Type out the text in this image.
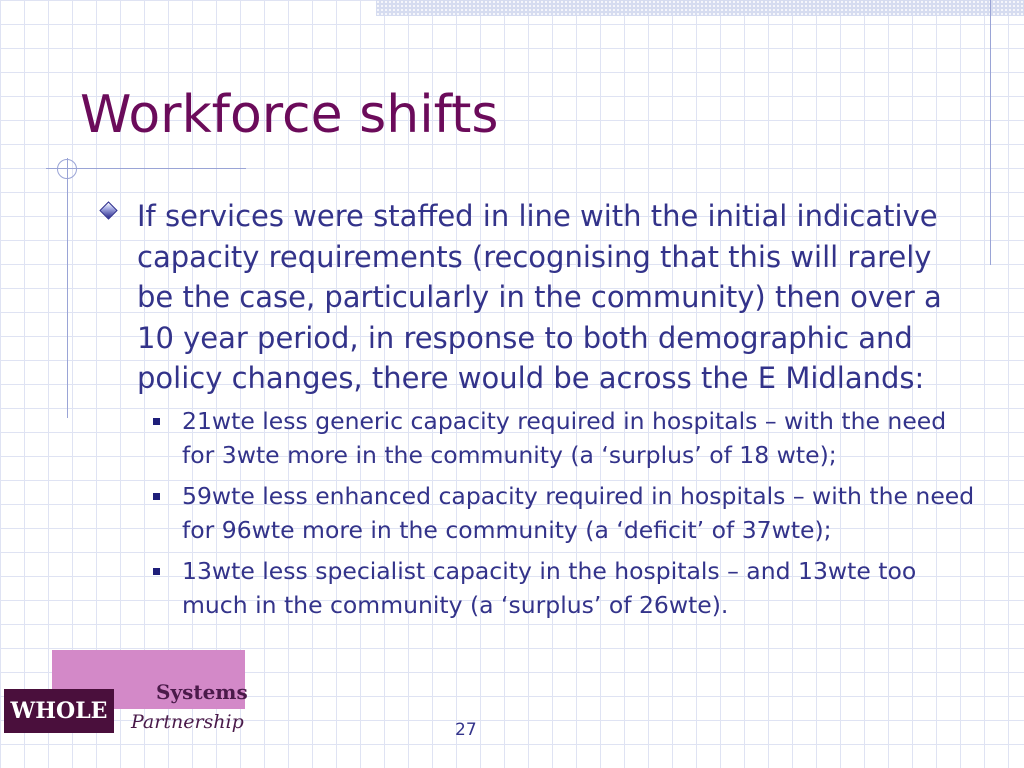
Workforce shifts

If services were staffed in line with the initial indicative capacity requirements (recognising that this will rarely be the case, particularly in the community) then over a 10 year period, in response to both demographic and policy changes, there would be across the E Midlands:

21wte less generic capacity required in hospitals – with the need for 3wte more in the community (a ‘surplus’ of 18 wte);
59wte less enhanced capacity required in hospitals – with the need for 96wte more in the community (a ‘deficit’ of 37wte);
13wte less specialist capacity in the hospitals – and 13wte too much in the community (a ‘surplus’ of 26wte).
Systems
WHOLE	Partnership	27
